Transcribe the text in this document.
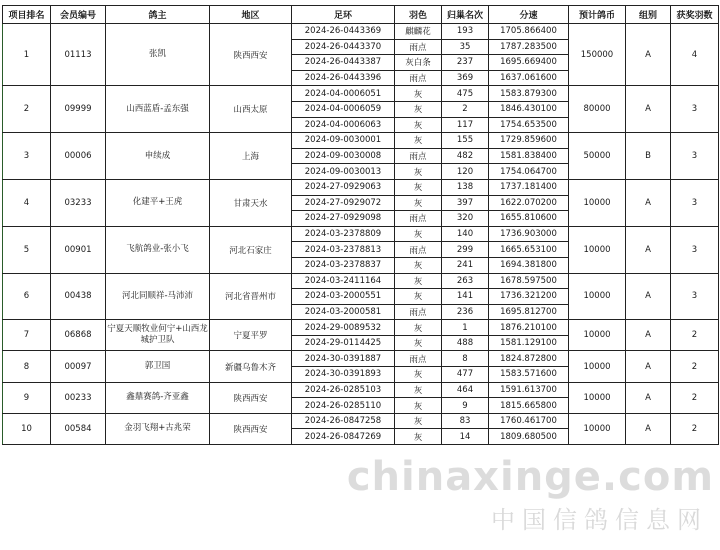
项目排名	会员编号	鸽主	地区	足环	羽色	归巢名次	分速	预计鸽币	组别	获奖羽数
1	01113	张凯	陕西西安	2024-26-0443369	麒麟花	193	1705.866400	150000	A	4
				2024-26-0443370	雨点	35	1787.283500			
				2024-26-0443387	灰白条	237	1695.669400			
				2024-26-0443396	雨点	369	1637.061600			
2	09999	山西蓝盾-孟东强	山西太原	2024-04-0006051	灰	475	1583.879300	80000	A	3
				2024-04-0006059	灰	2	1846.430100			
				2024-04-0006063	灰	117	1754.653500			
3	00006	申续成	上海	2024-09-0030001	灰	155	1729.859600	50000	B	3
				2024-09-0030008	雨点	482	1581.838400			
				2024-09-0030013	灰	120	1754.064700			
4	03233	化建平+王虎	甘肃天水	2024-27-0929063	灰	138	1737.181400	10000	A	3
				2024-27-0929072	灰	397	1622.070200			
				2024-27-0929098	雨点	320	1655.810600			
5	00901	飞航鸽业-张小飞	河北石家庄	2024-03-2378809	灰	140	1736.903000	10000	A	3
				2024-03-2378813	雨点	299	1665.653100			
				2024-03-2378837	灰	241	1694.381800			
6	00438	河北同顺祥-马沛沛	河北省晋州市	2024-03-2411164	灰	263	1678.597500	10000	A	3
				2024-03-2000551	灰	141	1736.321200			
				2024-03-2000581	雨点	236	1695.812700			
7	06868	宁夏天顺牧业何宁+山西龙城护卫队	宁夏平罗	2024-29-0089532	灰	1	1876.210100	10000	A	2
				2024-29-0114425	灰	488	1581.129100			
8	00097	郭卫国	新疆乌鲁木齐	2024-30-0391887	雨点	8	1824.872800	10000	A	2
				2024-30-0391893	灰	477	1583.571600			
9	00233	鑫鼎赛鸽-齐亚鑫	陕西西安	2024-26-0285103	灰	464	1591.613700	10000	A	2
				2024-26-0285110	灰	9	1815.665800			
10	00584	金羽飞翔+古兆荣	陕西西安	2024-26-0847258	灰	83	1760.461700	10000	A	2
				2024-26-0847269	灰	14	1809.680500			
chinaxinge.com
中国信鸽信息网
